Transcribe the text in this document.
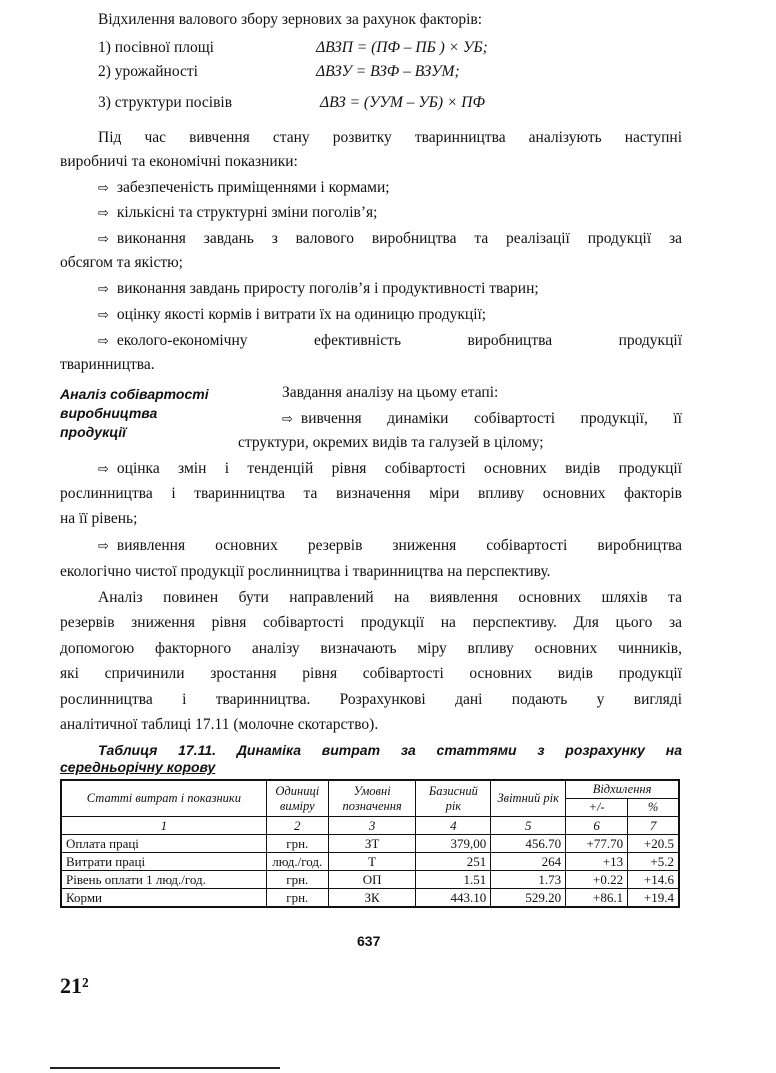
Відхилення валового збору зернових за рахунок факторів:
1) посівної площі	ΔВЗП = (ПФ – ПБ ) × УБ;
2) урожайності	ΔВЗУ = ВЗФ – ВЗУМ;
3) структури посівів	ΔВЗ = (УУМ – УБ) × ПФ
Під час вивчення стану розвитку тваринництва аналізують наступні
виробничі та економічні показники:
⇨ забезпеченість приміщеннями і кормами;
⇨ кількісні та структурні зміни поголів’я;
⇨ виконання завдань з валового виробництва та реалізації продукції за
обсягом та якістю;
⇨ виконання завдань приросту поголів’я і продуктивності тварин;
⇨ оцінку якості кормів і витрати їх на одиницю продукції;
⇨ еколого-економічну ефективність виробництва продукції
тваринництва.
Аналіз собівартості
виробництва
продукції
Завдання аналізу на цьому етапі:
⇨ вивчення динаміки собівартості продукції, її
структури, окремих видів та галузей в цілому;
⇨ оцінка змін і тенденцій рівня собівартості основних видів продукції
рослинництва і тваринництва та визначення міри впливу основних факторів
на її рівень;
⇨ виявлення основних резервів зниження собівартості виробництва
екологічно чистої продукції рослинництва і тваринництва на перспективу.
Аналіз повинен бути направлений на виявлення основних шляхів та
резервів зниження рівня собівартості продукції на перспективу. Для цього за
допомогою факторного аналізу визначають міру впливу основних чинників,
які спричинили зростання рівня собівартості основних видів продукції
рослинництва і тваринництва. Розрахункові дані подають у вигляді
аналітичної таблиці 17.11 (молочне скотарство).
Таблиця 17.11. Динаміка витрат за статтями з розрахунку на
середньорічну корову
Статті витрат і показники	Одиниці виміру	Умовні позначення	Базисний рік	Звітний рік	Відхилення	
					+/-	%
1	2	3	4	5	6	7
Оплата праці	грн.	ЗТ	379,00	456.70	+77.70	+20.5
Витрати праці	люд./год.	Т	251	264	+13	+5.2
Рівень оплати 1 люд./год.	грн.	ОП	1.51	1.73	+0.22	+14.6
Корми	грн.	ЗК	443.10	529.20	+86.1	+19.4
637
21²
